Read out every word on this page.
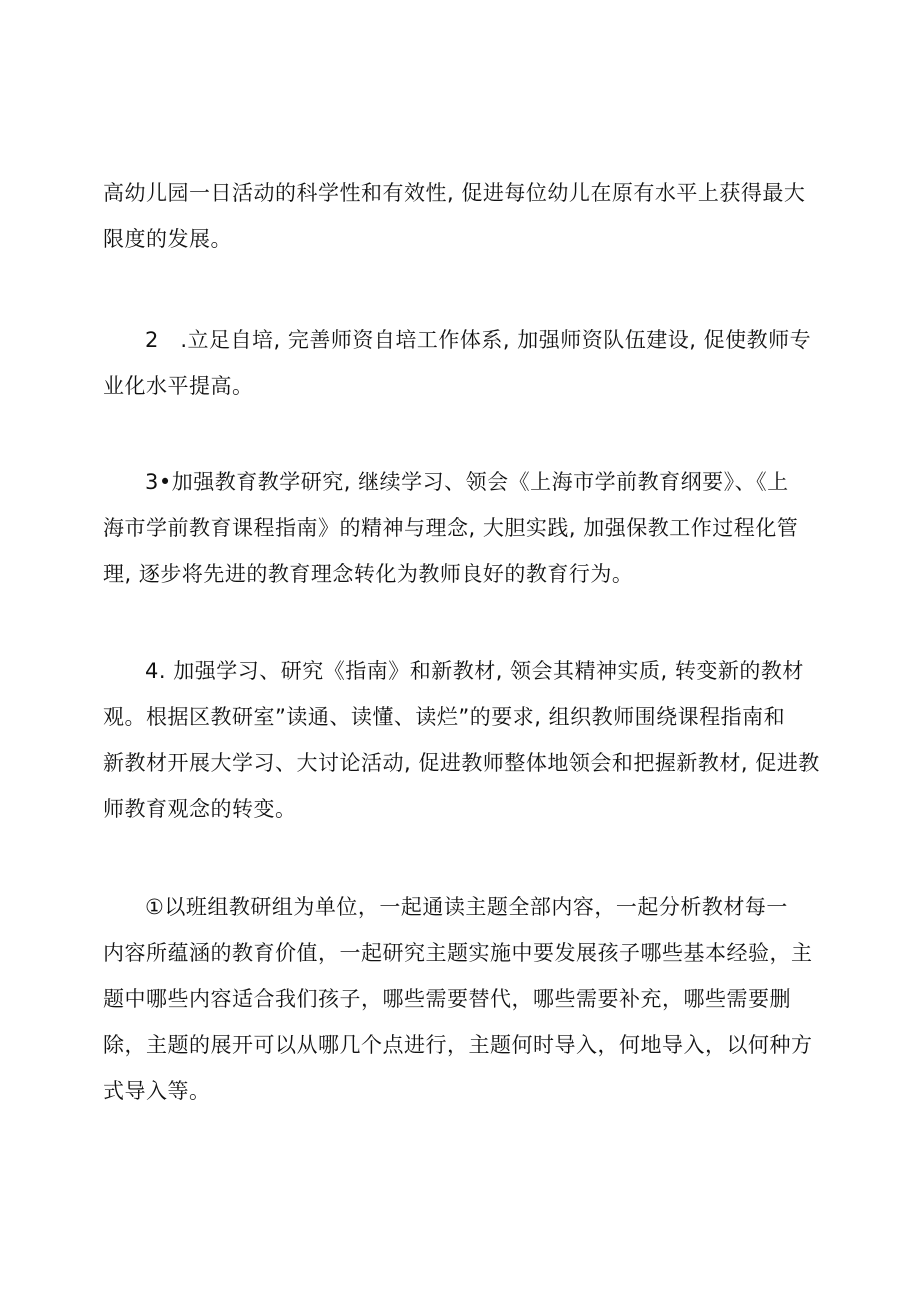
高幼儿园一日活动的科学性和有效性, 促进每位幼儿在原有水平上获得最大
限度的发展。

2　.立足自培, 完善师资自培工作体系, 加强师资队伍建设, 促使教师专
业化水平提高。

3•加强教育教学研究, 继续学习、领会《上海市学前教育纲要》、《上
海市学前教育课程指南》的精神与理念, 大胆实践, 加强保教工作过程化管
理, 逐步将先进的教育理念转化为教师良好的教育行为。

4. 加强学习、研究《指南》和新教材, 领会其精神实质, 转变新的教材
观。根据区教研室”读通、读懂、读烂”的要求, 组织教师围绕课程指南和
新教材开展大学习、大讨论活动, 促进教师整体地领会和把握新教材, 促进教
师教育观念的转变。

①以班组教研组为单位，一起通读主题全部内容，一起分析教材每一
内容所蕴涵的教育价值，一起研究主题实施中要发展孩子哪些基本经验，主
题中哪些内容适合我们孩子，哪些需要替代，哪些需要补充，哪些需要删
除，主题的展开可以从哪几个点进行，主题何时导入，何地导入，以何种方
式导入等。
